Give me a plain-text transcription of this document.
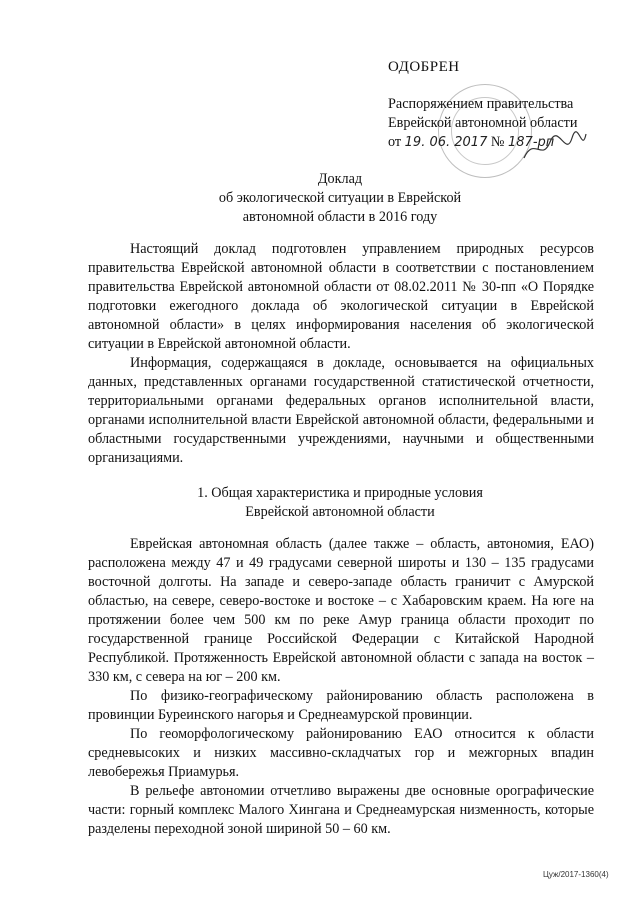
ОДОБРЕН
Распоряжением правительства
Еврейской автономной области
от 19. 06. 2017 № 187-рп
Доклад
об экологической ситуации в Еврейской
автономной области в 2016 году

Настоящий доклад подготовлен управлением природных ресурсов правительства Еврейской автономной области в соответствии с постановлением правительства Еврейской автономной области от 08.02.2011 № 30-пп «О Порядке подготовки ежегодного доклада об экологической ситуации в Еврейской автономной области» в целях информирования населения об экологической ситуации в Еврейской автономной области.

Информация, содержащаяся в докладе, основывается на официальных данных, представленных органами государственной статистической отчетности, территориальными органами федеральных органов исполнительной власти, органами исполнительной власти Еврейской автономной области, федеральными и областными государственными учреждениями, научными и общественными организациями.

1. Общая характеристика и природные условия
Еврейской автономной области

Еврейская автономная область (далее также – область, автономия, ЕАО) расположена между 47 и 49 градусами северной широты и 130 – 135 градусами восточной долготы. На западе и северо-западе область граничит с Амурской областью, на севере, северо-востоке и востоке – с Хабаровским краем. На юге на протяжении более чем 500 км по реке Амур граница области проходит по государственной границе Российской Федерации с Китайской Народной Республикой. Протяженность Еврейской автономной области с запада на восток – 330 км, с севера на юг – 200 км.

По физико-географическому районированию область расположена в провинции Буреинского нагорья и Среднеамурской провинции.

По геоморфологическому районированию ЕАО относится к области средневысоких и низких массивно-складчатых гор и межгорных впадин левобережья Приамурья.

В рельефе автономии отчетливо выражены две основные орографические части: горный комплекс Малого Хингана и Среднеамурская низменность, которые разделены переходной зоной шириной 50 – 60 км.

Цуж/2017-1360(4)
